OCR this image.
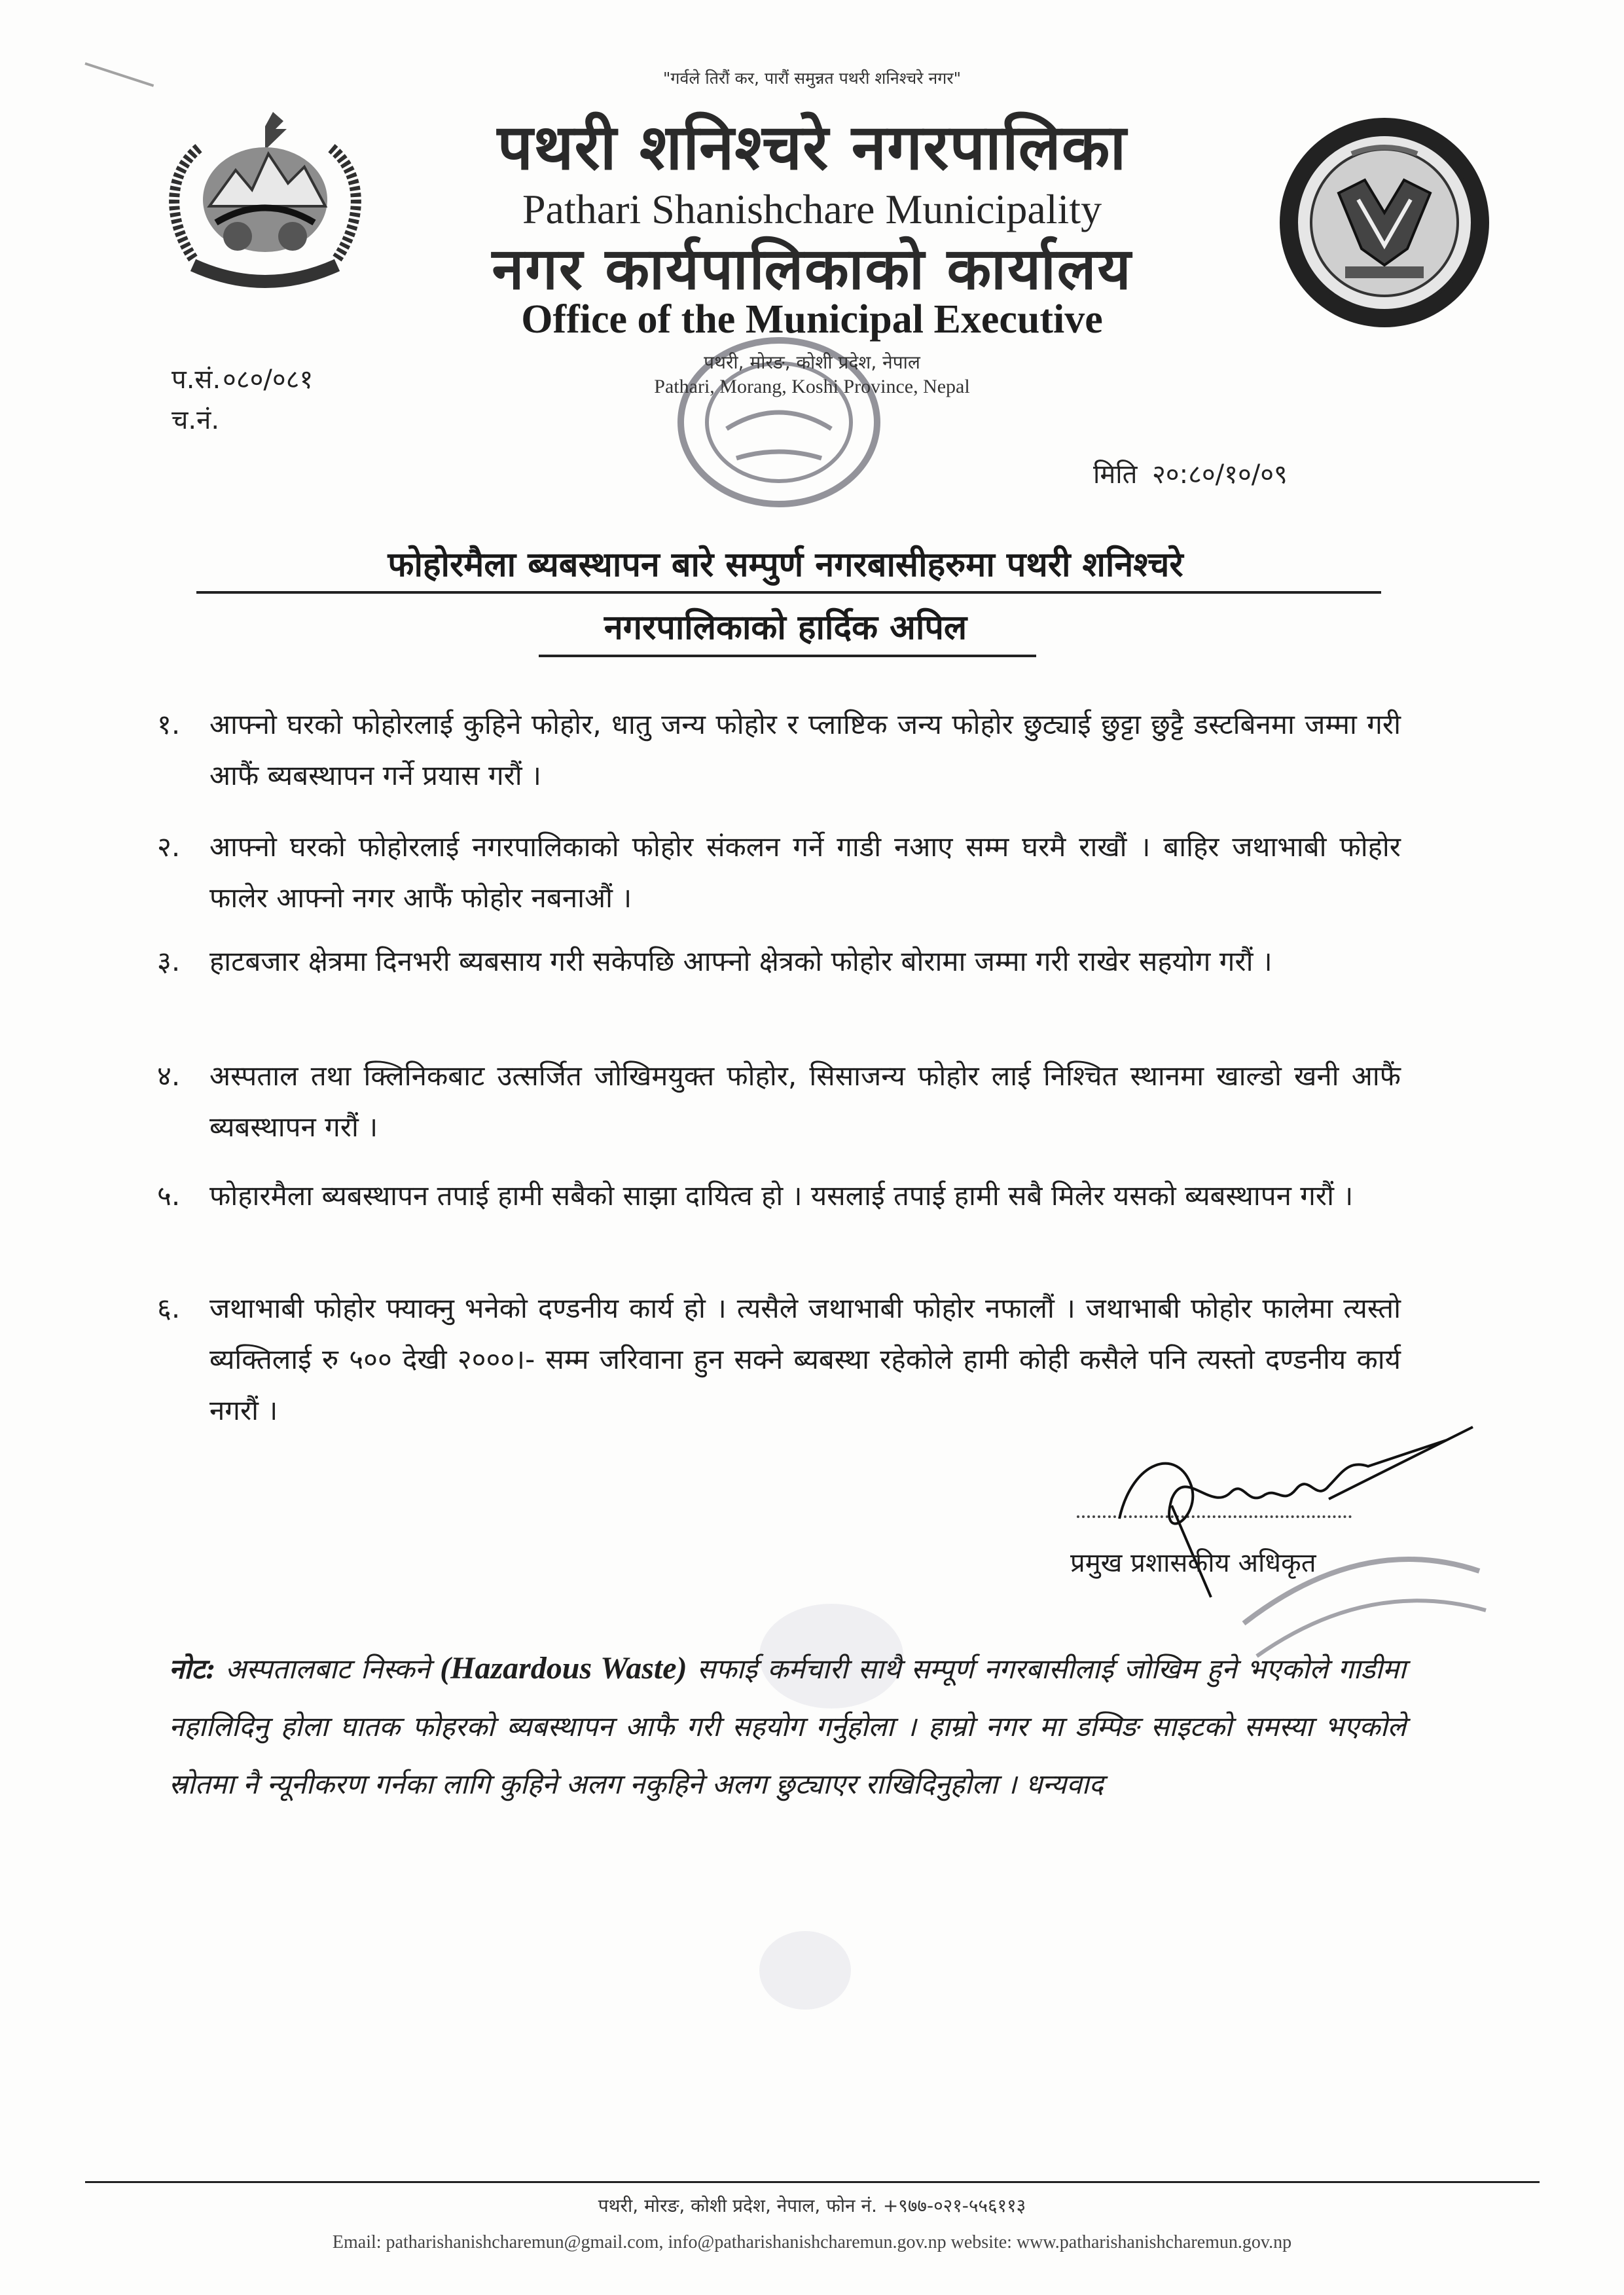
"गर्वले तिरौं कर, पारौं समुन्नत पथरी शनिश्चरे नगर"
पथरी शनिश्चरे नगरपालिका
Pathari Shanishchare Municipality
नगर कार्यपालिकाको कार्यालय
Office of the Municipal Executive
पथरी, मोरङ, कोशी प्रदेश, नेपाल
Pathari, Morang, Koshi Province, Nepal
प.सं. ०८०/०८१
च.नं.
मिति २०:८०/१०/०९
फोहोरमैला ब्यबस्थापन बारे सम्पुर्ण नगरबासीहरुमा पथरी शनिश्चरे
नगरपालिकाको हार्दिक अपिल
१.	आफ्नो घरको फोहोरलाई कुहिने फोहोर, धातु जन्य फोहोर र प्लाष्टिक जन्य फोहोर छुट्याई छुट्टा छुट्टै डस्टबिनमा जम्मा गरी आफैं ब्यबस्थापन गर्ने प्रयास गरौं ।
२.	आफ्नो घरको फोहोरलाई नगरपालिकाको फोहोर संकलन गर्ने गाडी नआए सम्म घरमै राखौं । बाहिर जथाभाबी फोहोर फालेर आफ्नो नगर आफैं फोहोर नबनाऔं ।
३.	हाटबजार क्षेत्रमा दिनभरी ब्यबसाय गरी सकेपछि आफ्नो क्षेत्रको फोहोर बोरामा जम्मा गरी राखेर सहयोग गरौं ।
४.	अस्पताल तथा क्लिनिकबाट उत्सर्जित जोखिमयुक्त फोहोर, सिसाजन्य फोहोर लाई निश्चित स्थानमा खाल्डो खनी आफैं ब्यबस्थापन गरौं ।
५.	फोहारमैला ब्यबस्थापन तपाई हामी सबैको साझा दायित्व हो । यसलाई तपाई हामी सबै मिलेर यसको ब्यबस्थापन गरौं ।
६.	जथाभाबी फोहोर फ्याक्नु भनेको दण्डनीय कार्य हो । त्यसैले जथाभाबी फोहोर नफालौं । जथाभाबी फोहोर फालेमा त्यस्तो ब्यक्तिलाई रु ५०० देखी २०००।- सम्म जरिवाना हुन सक्ने ब्यबस्था रहेकोले हामी कोही कसैले पनि त्यस्तो दण्डनीय कार्य नगरौं ।
प्रमुख प्रशासकीय अधिकृत
नोट: अस्पतालबाट निस्कने (Hazardous Waste) सफाई कर्मचारी साथै सम्पूर्ण नगरबासीलाई जोखिम हुने भएकोले गाडीमा नहालिदिनु होला घातक फोहरको ब्यबस्थापन आफै गरी सहयोग गर्नुहोला । हाम्रो नगर मा डम्पिङ साइटको समस्या भएकोले स्रोतमा नै न्यूनीकरण गर्नका लागि कुहिने अलग नकुहिने अलग छुट्याएर राखिदिनुहोला । धन्यवाद
पथरी, मोरङ, कोशी प्रदेश, नेपाल, फोन नं. +९७७-०२१-५५६११३
Email: patharishanishcharemun@gmail.com, info@patharishanishcharemun.gov.np website: www.patharishanishcharemun.gov.np
